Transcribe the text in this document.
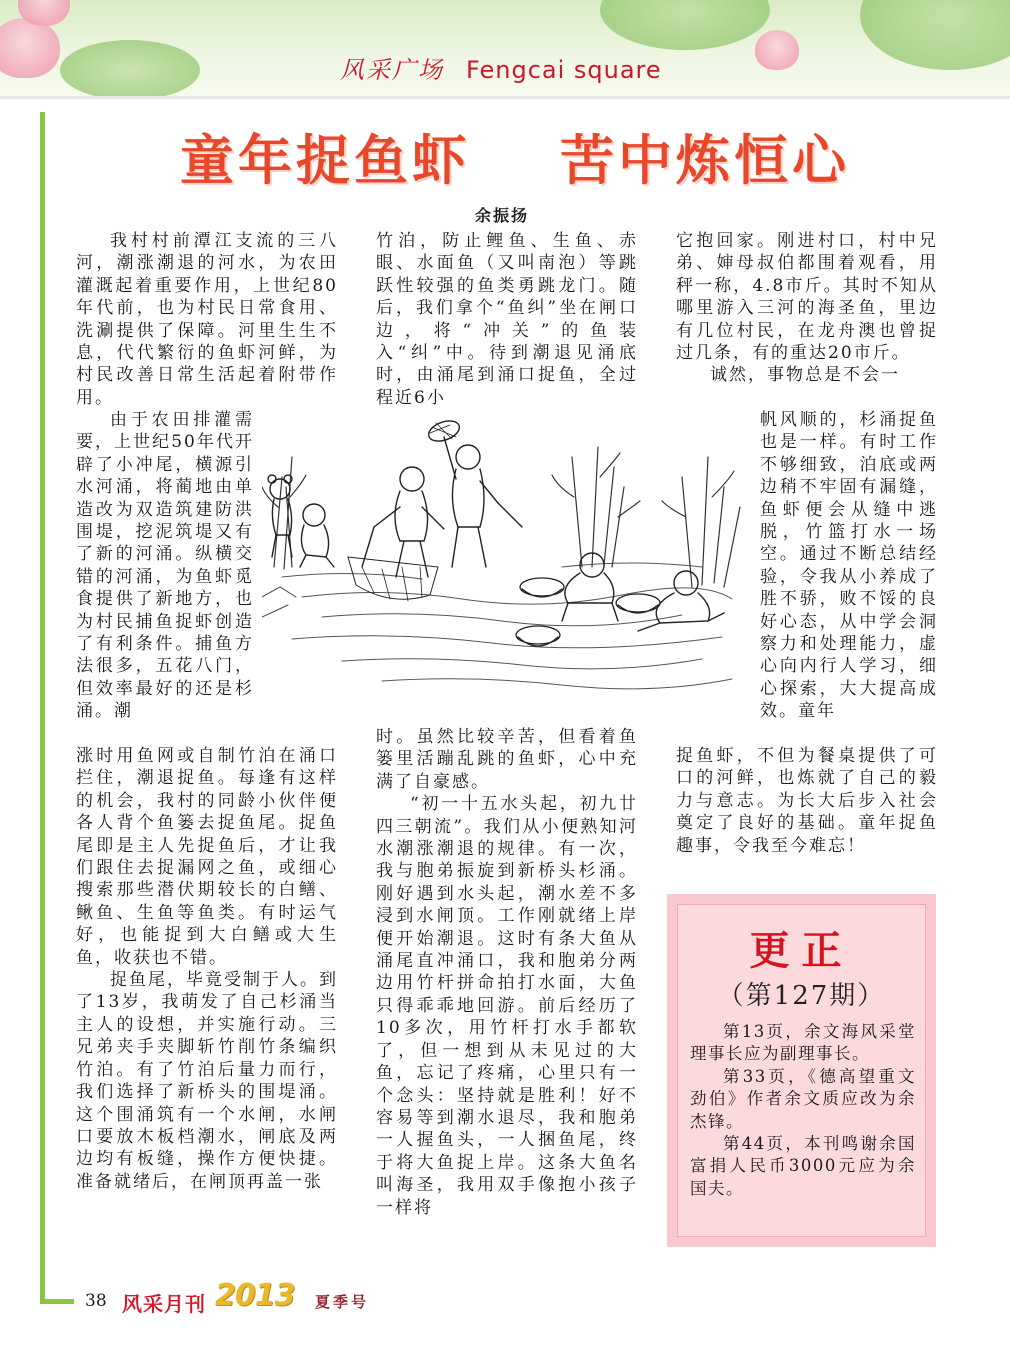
风采广场 Fengcai square
童年捉鱼虾 苦中炼恒心
余振扬

我村村前潭江支流的三八河，潮涨潮退的河水，为农田灌溉起着重要作用，上世纪80年代前，也为村民日常食用、洗涮提供了保障。河里生生不息，代代繁衍的鱼虾河鲜，为村民改善日常生活起着附带作用。

由于农田排灌需要，上世纪50年代开辟了小冲尾，横源引水河涌，将蔺地由单造改为双造筑建防洪围堤，挖泥筑堤又有了新的河涌。纵横交错的河涌，为鱼虾觅食提供了新地方，也为村民捕鱼捉虾创造了有利条件。捕鱼方法很多，五花八门，但效率最好的还是杉涌。潮

涨时用鱼网或自制竹泊在涌口拦住，潮退捉鱼。每逢有这样的机会，我村的同龄小伙伴便各人背个鱼篓去捉鱼尾。捉鱼尾即是主人先捉鱼后，才让我们跟住去捉漏网之鱼，或细心搜索那些潜伏期较长的白鳝、鳅鱼、生鱼等鱼类。有时运气好，也能捉到大白鳝或大生鱼，收获也不错。

捉鱼尾，毕竟受制于人。到了13岁，我萌发了自己杉涌当主人的设想，并实施行动。三兄弟夹手夹脚斩竹削竹条编织竹泊。有了竹泊后量力而行，我们选择了新桥头的围堤涌。这个围涌筑有一个水闸，水闸口要放木板档潮水，闸底及两边均有板缝，操作方便快捷。准备就绪后，在闸顶再盖一张

竹泊，防止鲤鱼、生鱼、赤眼、水面鱼（又叫南泡）等跳跃性较强的鱼类勇跳龙门。随后，我们拿个“鱼纠”坐在闸口边，将“冲关”的鱼装入“纠”中。待到潮退见涌底时，由涌尾到涌口捉鱼，全过程近6小

时。虽然比较辛苦，但看着鱼篓里活蹦乱跳的鱼虾，心中充满了自豪感。

“初一十五水头起，初九廿四三朝流”。我们从小便熟知河水潮涨潮退的规律。有一次，我与胞弟振旋到新桥头杉涌。刚好遇到水头起，潮水差不多浸到水闸顶。工作刚就绪上岸便开始潮退。这时有条大鱼从涌尾直冲涌口，我和胞弟分两边用竹杆拼命拍打水面，大鱼只得乖乖地回游。前后经历了10多次，用竹杆打水手都软了，但一想到从未见过的大鱼，忘记了疼痛，心里只有一个念头：坚持就是胜利！好不容易等到潮水退尽，我和胞弟一人握鱼头，一人捆鱼尾，终于将大鱼捉上岸。这条大鱼名叫海圣，我用双手像抱小孩子一样将

它抱回家。刚进村口，村中兄弟、婶母叔伯都围着观看，用秤一称，4.8市斤。其时不知从哪里游入三河的海圣鱼，里边有几位村民，在龙舟澳也曾捉过几条，有的重达20市斤。

诚然，事物总是不会一

帆风顺的，杉涌捉鱼也是一样。有时工作不够细致，泊底或两边稍不牢固有漏缝，鱼虾便会从缝中逃脱，竹篮打水一场空。通过不断总结经验，令我从小养成了胜不骄，败不馁的良好心态，从中学会洞察力和处理能力，虚心向内行人学习，细心探索，大大提高成效。童年

捉鱼虾，不但为餐桌提供了可口的河鲜，也炼就了自己的毅力与意志。为长大后步入社会奠定了良好的基础。童年捉鱼趣事，令我至今难忘！

更正
（第127期）

第13页，余文海风采堂理事长应为副理事长。

第33页，《德高望重文劲伯》作者余文质应改为余杰锋。

第44页，本刊鸣谢余国富捐人民币3000元应为余国夫。

38 风采月刊 2013 夏季号
